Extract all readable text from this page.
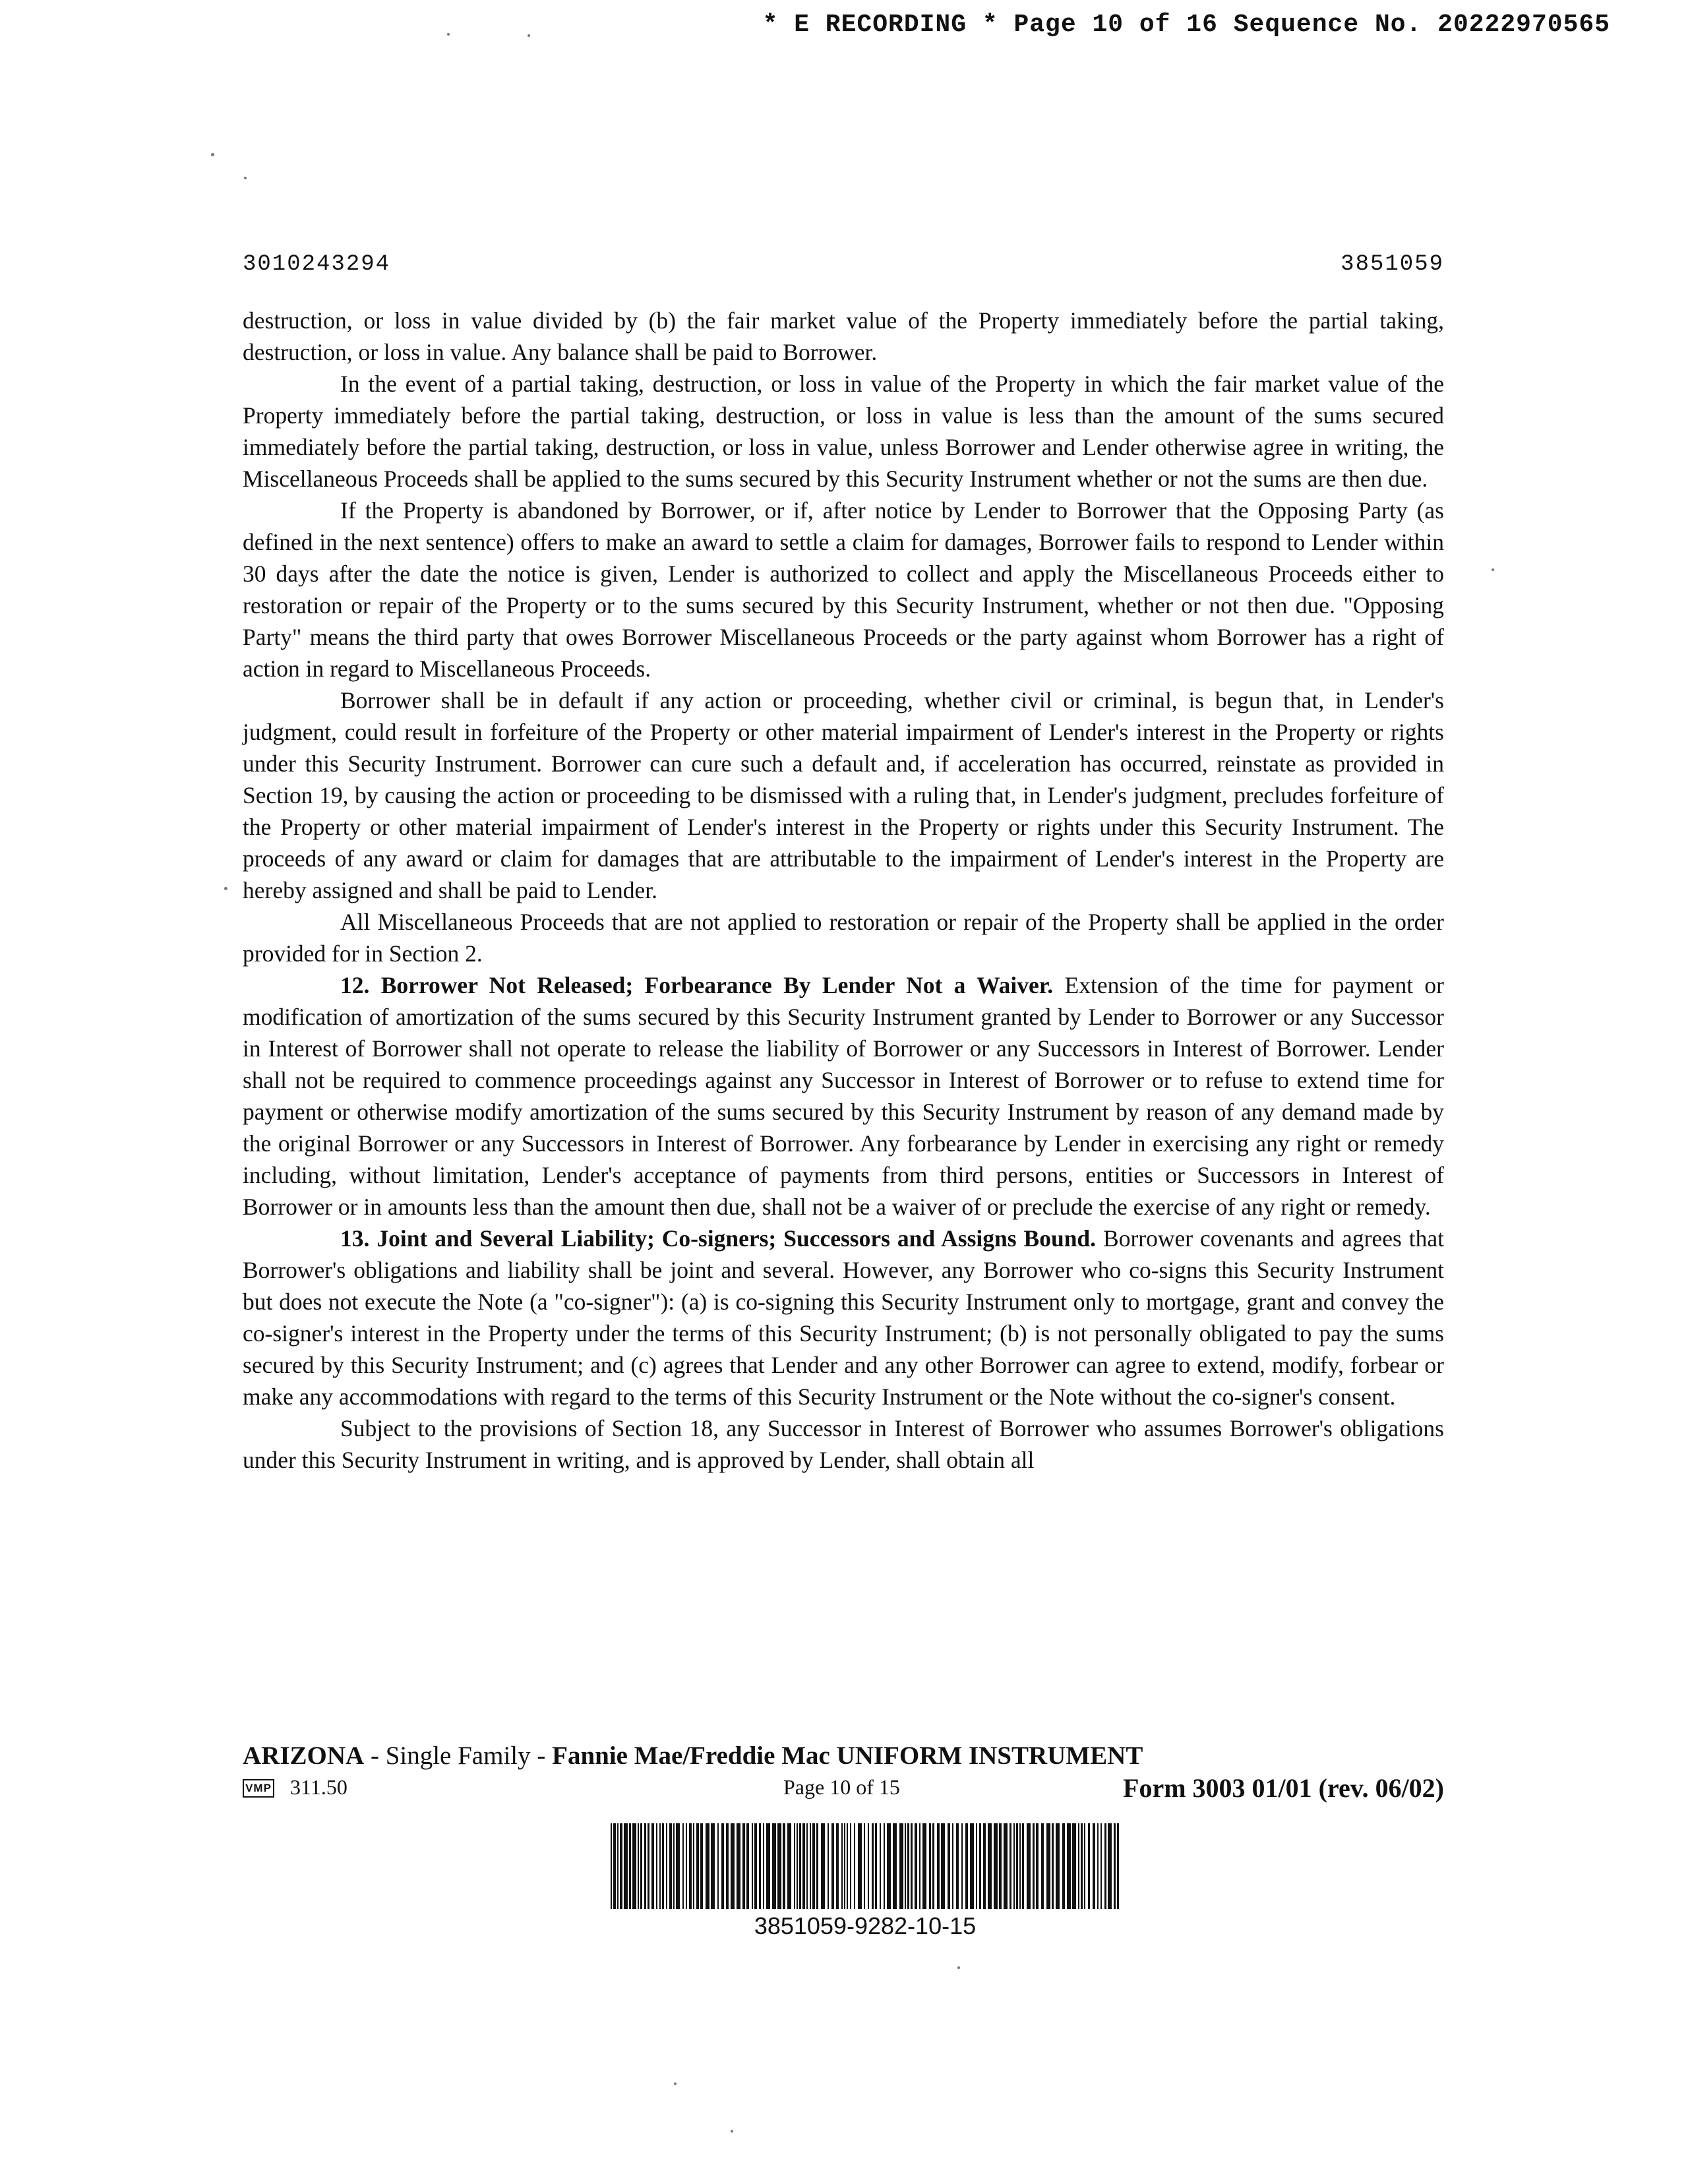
* E RECORDING * Page 10 of 16 Sequence No. 20222970565
3010243294	3851059

destruction, or loss in value divided by (b) the fair market value of the Property immediately before the partial taking, destruction, or loss in value. Any balance shall be paid to Borrower.

In the event of a partial taking, destruction, or loss in value of the Property in which the fair market value of the Property immediately before the partial taking, destruction, or loss in value is less than the amount of the sums secured immediately before the partial taking, destruction, or loss in value, unless Borrower and Lender otherwise agree in writing, the Miscellaneous Proceeds shall be applied to the sums secured by this Security Instrument whether or not the sums are then due.

If the Property is abandoned by Borrower, or if, after notice by Lender to Borrower that the Opposing Party (as defined in the next sentence) offers to make an award to settle a claim for damages, Borrower fails to respond to Lender within 30 days after the date the notice is given, Lender is authorized to collect and apply the Miscellaneous Proceeds either to restoration or repair of the Property or to the sums secured by this Security Instrument, whether or not then due. "Opposing Party" means the third party that owes Borrower Miscellaneous Proceeds or the party against whom Borrower has a right of action in regard to Miscellaneous Proceeds.

Borrower shall be in default if any action or proceeding, whether civil or criminal, is begun that, in Lender's judgment, could result in forfeiture of the Property or other material impairment of Lender's interest in the Property or rights under this Security Instrument. Borrower can cure such a default and, if acceleration has occurred, reinstate as provided in Section 19, by causing the action or proceeding to be dismissed with a ruling that, in Lender's judgment, precludes forfeiture of the Property or other material impairment of Lender's interest in the Property or rights under this Security Instrument. The proceeds of any award or claim for damages that are attributable to the impairment of Lender's interest in the Property are hereby assigned and shall be paid to Lender.

All Miscellaneous Proceeds that are not applied to restoration or repair of the Property shall be applied in the order provided for in Section 2.

12. Borrower Not Released; Forbearance By Lender Not a Waiver. Extension of the time for payment or modification of amortization of the sums secured by this Security Instrument granted by Lender to Borrower or any Successor in Interest of Borrower shall not operate to release the liability of Borrower or any Successors in Interest of Borrower. Lender shall not be required to commence proceedings against any Successor in Interest of Borrower or to refuse to extend time for payment or otherwise modify amortization of the sums secured by this Security Instrument by reason of any demand made by the original Borrower or any Successors in Interest of Borrower. Any forbearance by Lender in exercising any right or remedy including, without limitation, Lender's acceptance of payments from third persons, entities or Successors in Interest of Borrower or in amounts less than the amount then due, shall not be a waiver of or preclude the exercise of any right or remedy.

13. Joint and Several Liability; Co-signers; Successors and Assigns Bound. Borrower covenants and agrees that Borrower's obligations and liability shall be joint and several. However, any Borrower who co-signs this Security Instrument but does not execute the Note (a "co-signer"): (a) is co-signing this Security Instrument only to mortgage, grant and convey the co-signer's interest in the Property under the terms of this Security Instrument; (b) is not personally obligated to pay the sums secured by this Security Instrument; and (c) agrees that Lender and any other Borrower can agree to extend, modify, forbear or make any accommodations with regard to the terms of this Security Instrument or the Note without the co-signer's consent.

Subject to the provisions of Section 18, any Successor in Interest of Borrower who assumes Borrower's obligations under this Security Instrument in writing, and is approved by Lender, shall obtain all

ARIZONA - Single Family - Fannie Mae/Freddie Mac UNIFORM INSTRUMENT
VMP 311.50	Page 10 of 15	Form 3003 01/01 (rev. 06/02)
3851059-9282-10-15
